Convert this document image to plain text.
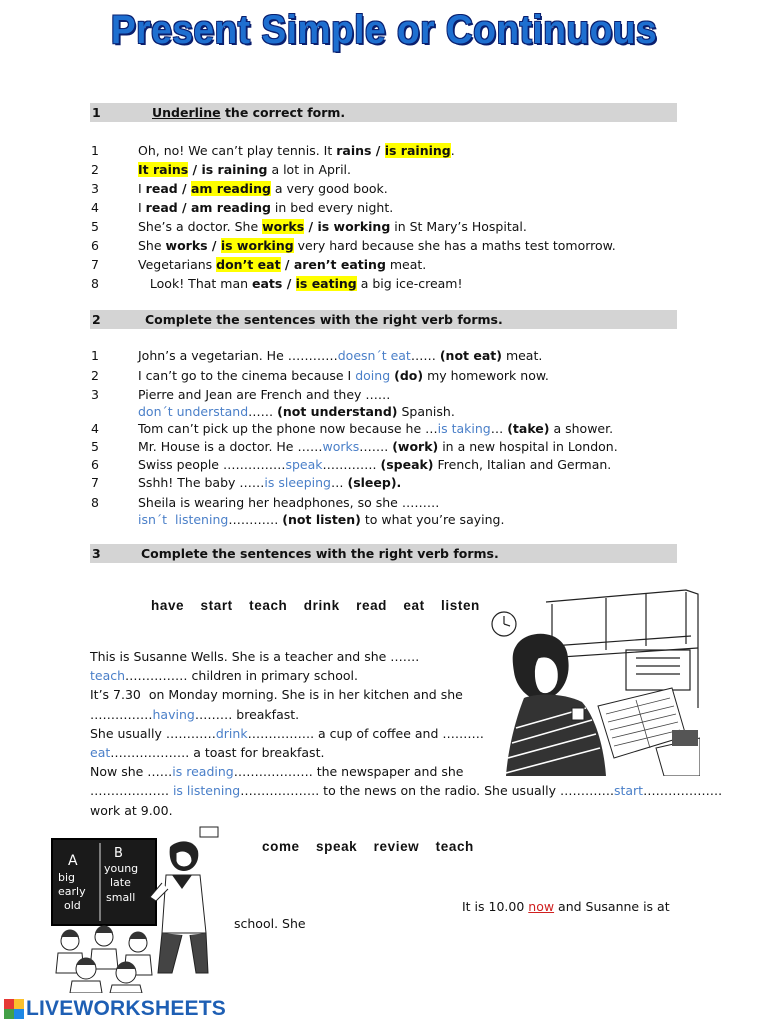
Present Simple or Continuous
1	Underline the correct form.
1	Oh, no! We can’t play tennis. It rains / is raining.
2	It rains / is raining a lot in April.
3	I read / am reading a very good book.
4	I read / am reading in bed every night.
5	She’s a doctor. She works / is working in St Mary’s Hospital.
6	She works / is working very hard because she has a maths test tomorrow.
7	Vegetarians don’t eat / aren’t eating meat.
8	Look! That man eats / is eating a big ice-cream!
2	Complete the sentences with the right verb forms.
1	John’s a vegetarian. He …………doesn´t eat…… (not eat) meat.
2	I can’t go to the cinema because I doing (do) my homework now.
3	Pierre and Jean are French and they ……don´t understand…… (not understand) Spanish.
4	Tom can’t pick up the phone now because he …is taking… (take) a shower.
5	Mr. House is a doctor. He ……works……. (work) in a new hospital in London.
6	Swiss people ……………speak…………. (speak) French, Italian and German.
7	Sshh! The baby ……is sleeping… (sleep).
8	Sheila is wearing her headphones, so she ………isn´t  listening………… (not listen) to what you’re saying.
3	Complete the sentences with the right verb forms.
have start teach drink read eat listen
This is Susanne Wells. She is a teacher and she …….
teach…………… children in primary school.
It’s 7.30  on Monday morning. She is in her kitchen and she
……………having……… breakfast.
She usually …………drink……………. a cup of coffee and ……….
eat………………. a toast for breakfast.
Now she ……is reading………………. the newspaper and she
………………. is listening………………. to the news on the radio. She usually ………….start……………….
work at 9.00.
come speak review teach
A
big
early
old
B
young
late
small
It is 10.00 now and Susanne is at
school. She
LIVEWORKSHEETS
